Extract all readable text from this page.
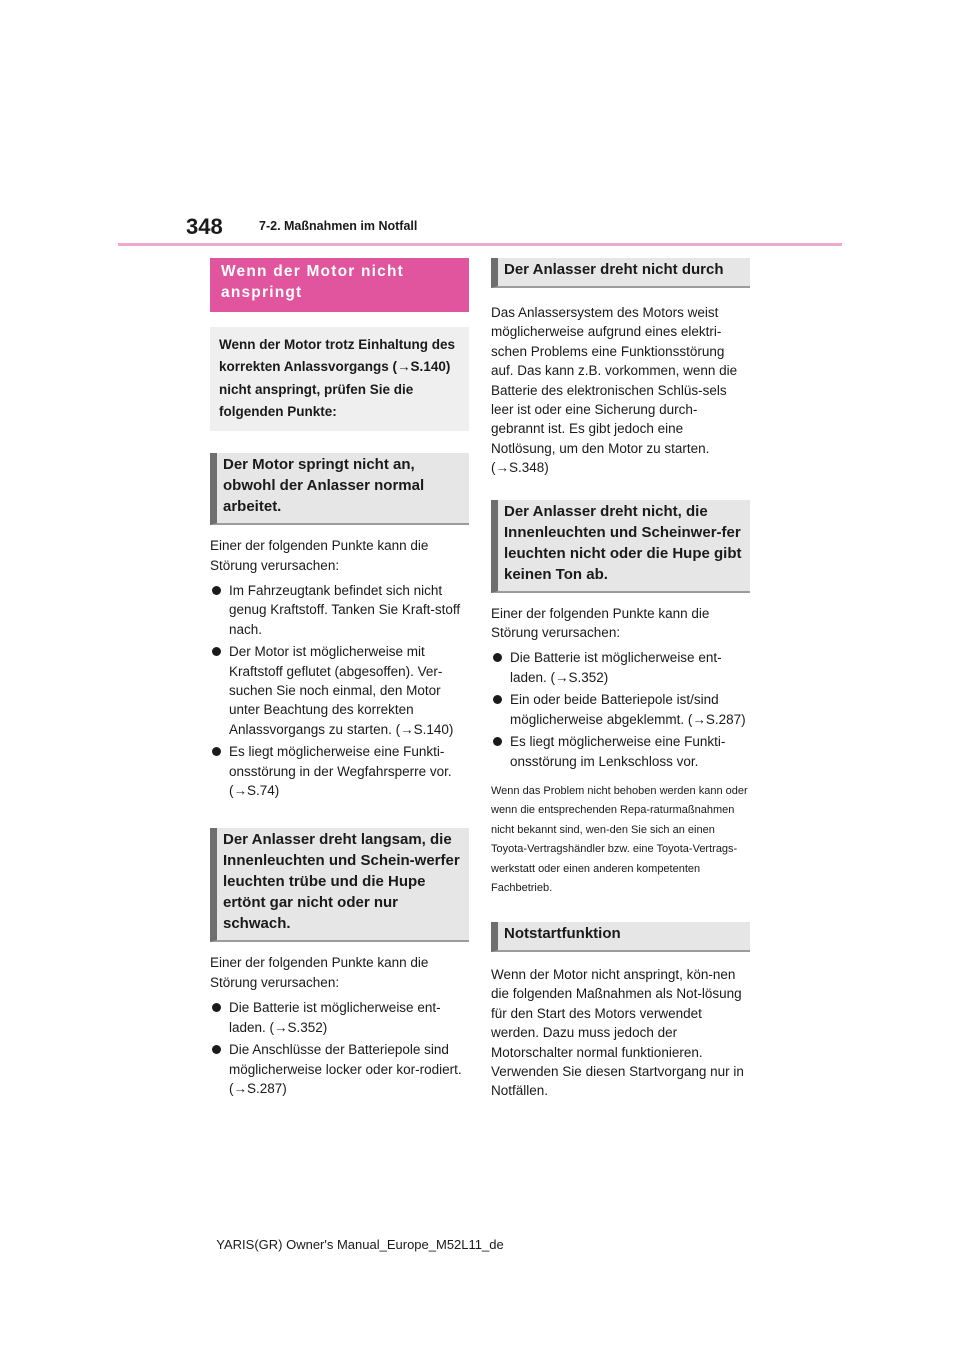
348	7-2. Maßnahmen im Notfall
Wenn der Motor nicht anspringt
Wenn der Motor trotz Einhaltung des korrekten Anlassvorgangs (→S.140) nicht anspringt, prüfen Sie die folgenden Punkte:
Der Motor springt nicht an, obwohl der Anlasser normal arbeitet.
Einer der folgenden Punkte kann die Störung verursachen:
Im Fahrzeugtank befindet sich nicht genug Kraftstoff. Tanken Sie Kraft-stoff nach.
Der Motor ist möglicherweise mit Kraftstoff geflutet (abgesoffen). Ver-suchen Sie noch einmal, den Motor unter Beachtung des korrekten Anlassvorgangs zu starten. (→S.140)
Es liegt möglicherweise eine Funkti-onsstörung in der Wegfahrsperre vor. (→S.74)
Der Anlasser dreht langsam, die Innenleuchten und Schein-werfer leuchten trübe und die Hupe ertönt gar nicht oder nur schwach.
Einer der folgenden Punkte kann die Störung verursachen:
Die Batterie ist möglicherweise ent-laden. (→S.352)
Die Anschlüsse der Batteriepole sind möglicherweise locker oder kor-rodiert. (→S.287)
Der Anlasser dreht nicht durch
Das Anlassersystem des Motors weist möglicherweise aufgrund eines elektri-schen Problems eine Funktionsstörung auf. Das kann z.B. vorkommen, wenn die Batterie des elektronischen Schlüs-sels leer ist oder eine Sicherung durch-gebrannt ist. Es gibt jedoch eine Notlösung, um den Motor zu starten. (→S.348)
Der Anlasser dreht nicht, die Innenleuchten und Scheinwer-fer leuchten nicht oder die Hupe gibt keinen Ton ab.
Einer der folgenden Punkte kann die Störung verursachen:
Die Batterie ist möglicherweise ent-laden. (→S.352)
Ein oder beide Batteriepole ist/sind möglicherweise abgeklemmt. (→S.287)
Es liegt möglicherweise eine Funkti-onsstörung im Lenkschloss vor.
Wenn das Problem nicht behoben werden kann oder wenn die entsprechenden Repa-raturmaßnahmen nicht bekannt sind, wen-den Sie sich an einen Toyota-Vertragshändler bzw. eine Toyota-Vertrags-werkstatt oder einen anderen kompetenten Fachbetrieb.
Notstartfunktion
Wenn der Motor nicht anspringt, kön-nen die folgenden Maßnahmen als Not-lösung für den Start des Motors verwendet werden. Dazu muss jedoch der Motorschalter normal funktionieren. Verwenden Sie diesen Startvorgang nur in Notfällen.
YARIS(GR) Owner's Manual_Europe_M52L11_de
